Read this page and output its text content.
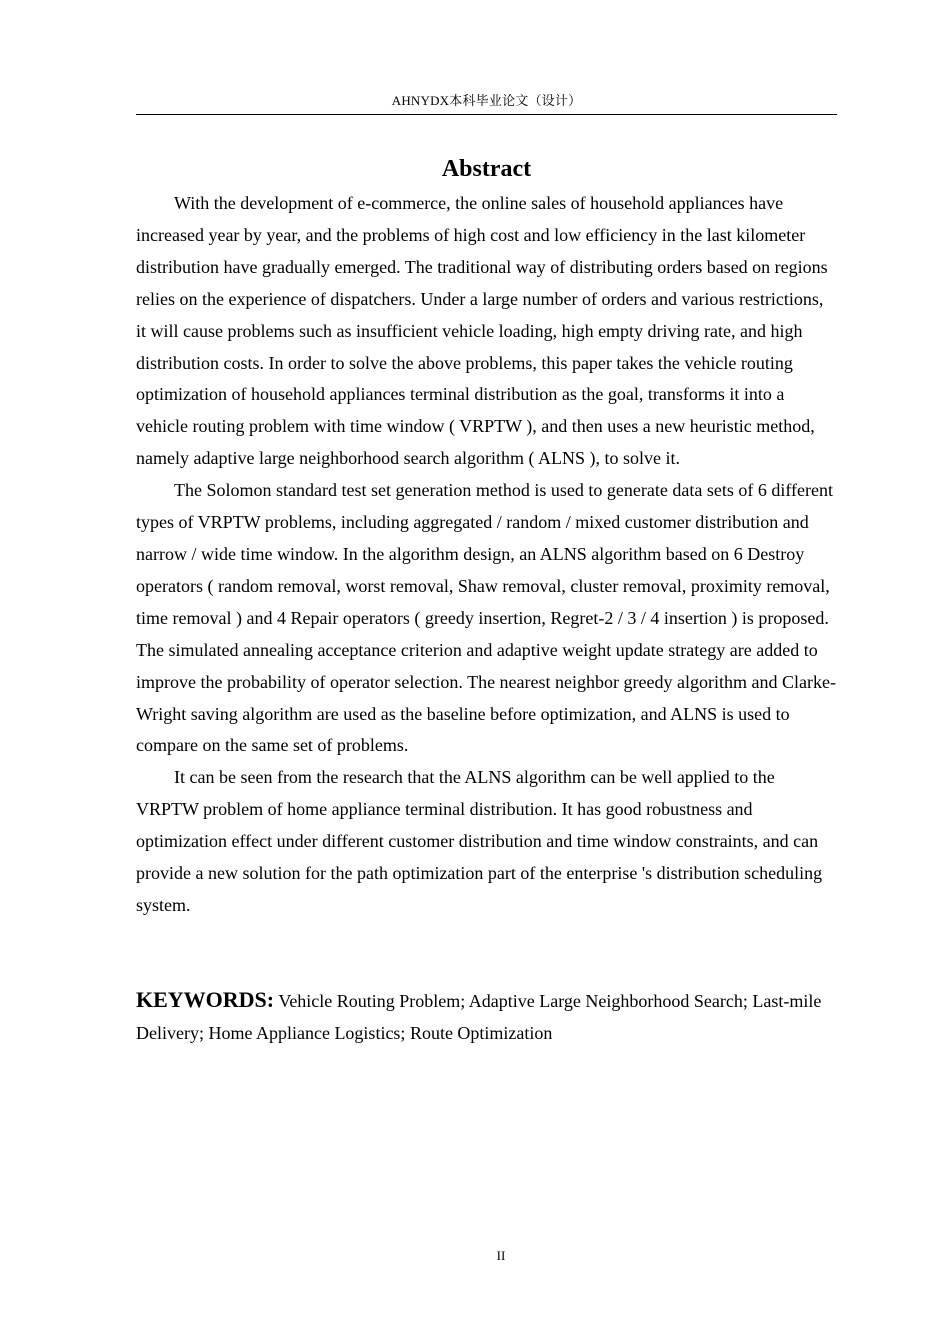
AHNYDX本科毕业论文（设计）
Abstract

With the development of e-commerce, the online sales of household appliances have increased year by year, and the problems of high cost and low efficiency in the last kilometer distribution have gradually emerged. The traditional way of distributing orders based on regions relies on the experience of dispatchers. Under a large number of orders and various restrictions, it will cause problems such as insufficient vehicle loading, high empty driving rate, and high distribution costs. In order to solve the above problems, this paper takes the vehicle routing optimization of household appliances terminal distribution as the goal, transforms it into a vehicle routing problem with time window ( VRPTW ), and then uses a new heuristic method, namely adaptive large neighborhood search algorithm ( ALNS ), to solve it.

The Solomon standard test set generation method is used to generate data sets of 6 different types of VRPTW problems, including aggregated / random / mixed customer distribution and narrow / wide time window. In the algorithm design, an ALNS algorithm based on 6 Destroy operators ( random removal, worst removal, Shaw removal, cluster removal, proximity removal, time removal ) and 4 Repair operators ( greedy insertion, Regret-2 / 3 / 4 insertion ) is proposed. The simulated annealing acceptance criterion and adaptive weight update strategy are added to improve the probability of operator selection. The nearest neighbor greedy algorithm and Clarke-Wright saving algorithm are used as the baseline before optimization, and ALNS is used to compare on the same set of problems.

It can be seen from the research that the ALNS algorithm can be well applied to the VRPTW problem of home appliance terminal distribution. It has good robustness and optimization effect under different customer distribution and time window constraints, and can provide a new solution for the path optimization part of the enterprise 's distribution scheduling system.

KEYWORDS: Vehicle Routing Problem; Adaptive Large Neighborhood Search; Last-mile Delivery; Home Appliance Logistics; Route Optimization
II
